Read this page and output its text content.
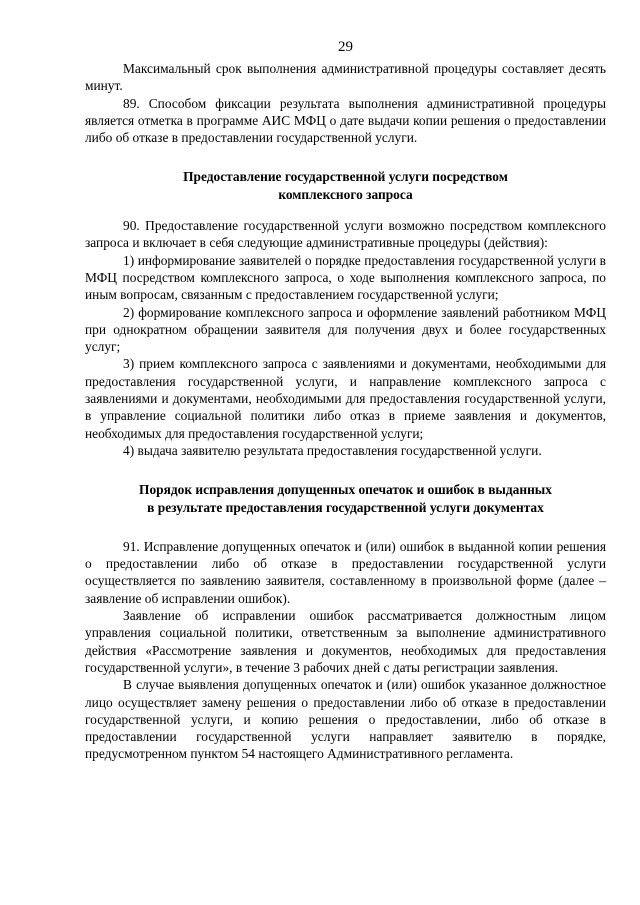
29

Максимальный срок выполнения административной процедуры составляет десять минут.

89. Способом фиксации результата выполнения административной процедуры является отметка в программе АИС МФЦ о дате выдачи копии решения о предоставлении либо об отказе в предоставлении государственной услуги.

Предоставление государственной услуги посредством
комплексного запроса

90. Предоставление государственной услуги возможно посредством комплексного запроса и включает в себя следующие административные процедуры (действия):

1) информирование заявителей о порядке предоставления государственной услуги в МФЦ посредством комплексного запроса, о ходе выполнения комплексного запроса, по иным вопросам, связанным с предоставлением государственной услуги;

2) формирование комплексного запроса и оформление заявлений работником МФЦ при однократном обращении заявителя для получения двух и более государственных услуг;

3) прием комплексного запроса с заявлениями и документами, необходимыми для предоставления государственной услуги, и направление комплексного запроса с заявлениями и документами, необходимыми для предоставления государственной услуги, в управление социальной политики либо отказ в приеме заявления и документов, необходимых для предоставления государственной услуги;

4) выдача заявителю результата предоставления государственной услуги.

Порядок исправления допущенных опечаток и ошибок в выданных
в результате предоставления государственной услуги документах

91. Исправление допущенных опечаток и (или) ошибок в выданной копии решения о предоставлении либо об отказе в предоставлении государственной услуги осуществляется по заявлению заявителя, составленному в произвольной форме (далее – заявление об исправлении ошибок).

Заявление об исправлении ошибок рассматривается должностным лицом управления социальной политики, ответственным за выполнение административного действия «Рассмотрение заявления и документов, необходимых для предоставления государственной услуги», в течение 3 рабочих дней с даты регистрации заявления.

В случае выявления допущенных опечаток и (или) ошибок указанное должностное лицо осуществляет замену решения о предоставлении либо об отказе в предоставлении государственной услуги, и копию решения о предоставлении, либо об отказе в предоставлении государственной услуги направляет заявителю в порядке, предусмотренном пунктом 54 настоящего Административного регламента.
